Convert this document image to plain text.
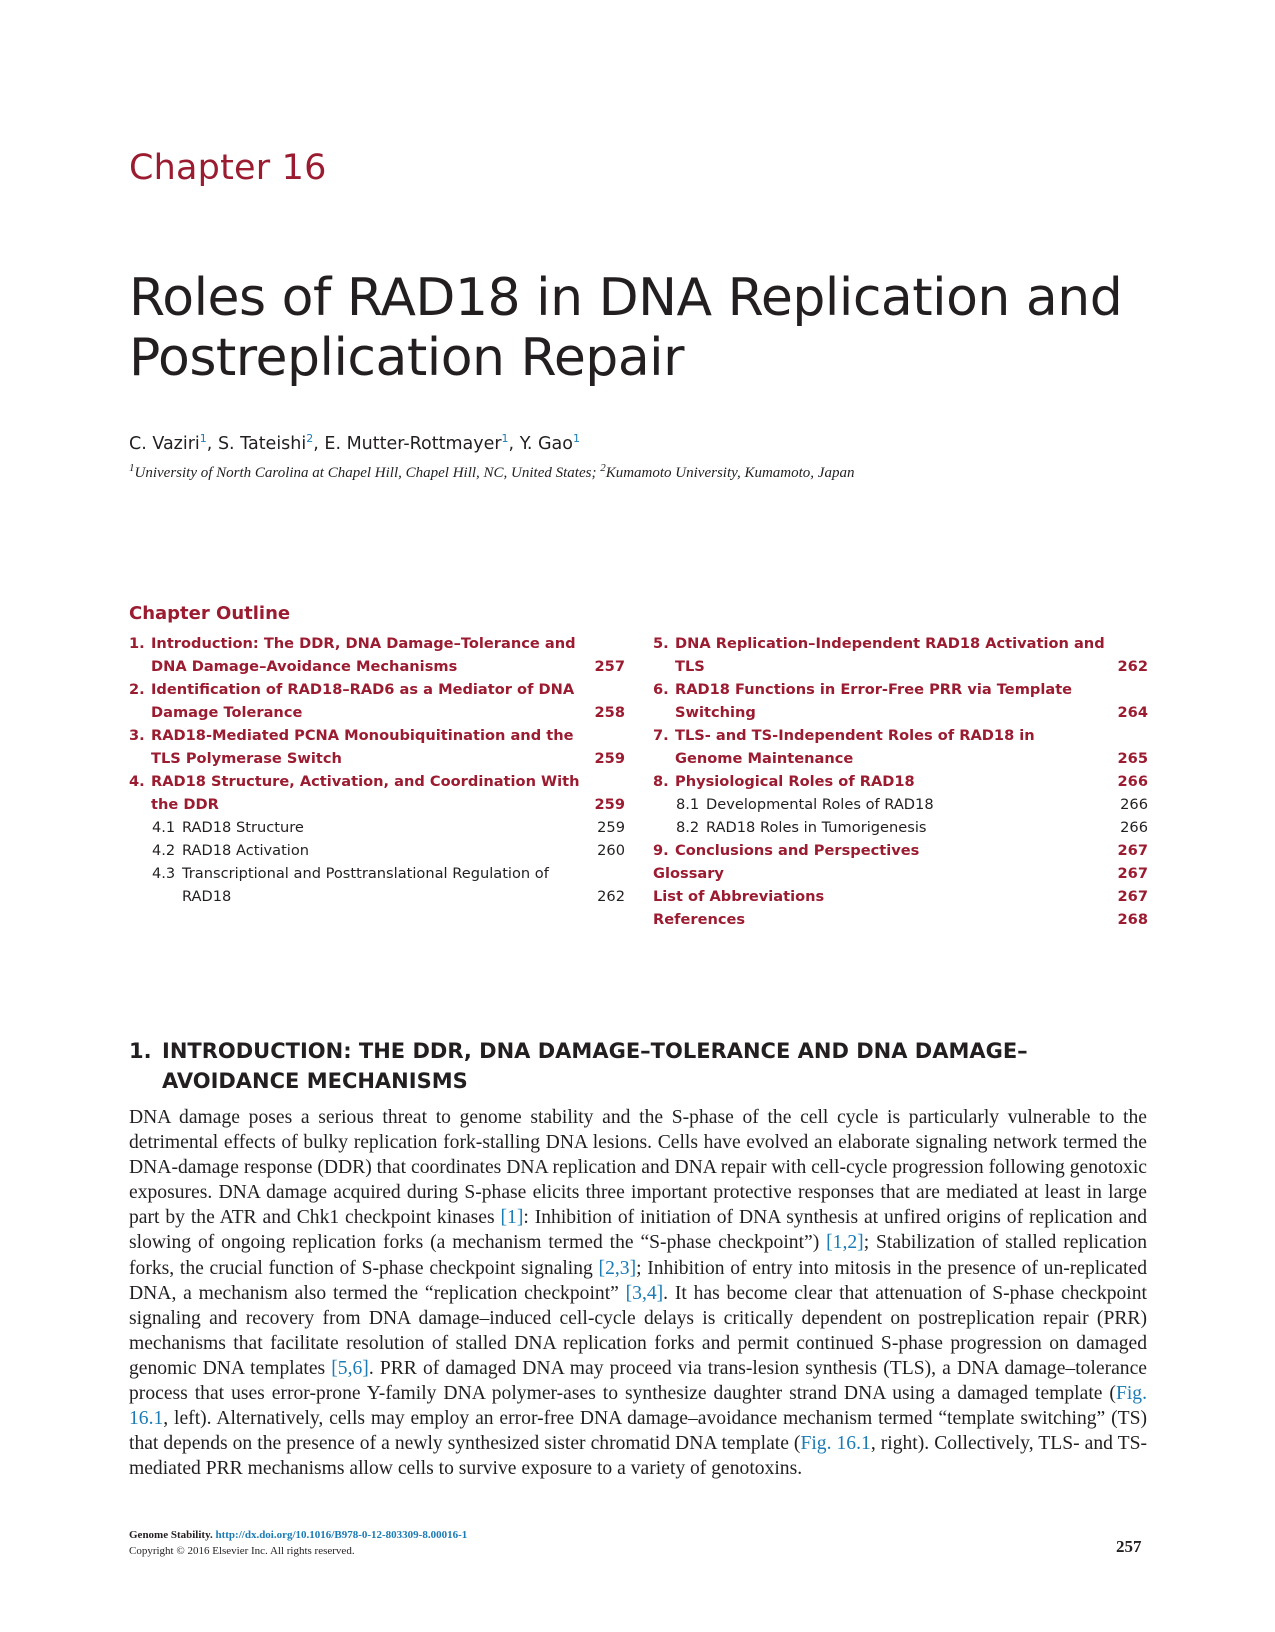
Chapter 16
Roles of RAD18 in DNA Replication and
Postreplication Repair
C. Vaziri$^1$, S. Tateishi$^2$, E. Mutter-Rottmayer$^1$, Y. Gao$^1$
$^1$University of North Carolina at Chapel Hill, Chapel Hill, NC, United States; $^2$Kumamoto University, Kumamoto, Japan
Chapter Outline
1. Introduction: The DDR, DNA Damage–Tolerance and DNA Damage–Avoidance Mechanisms	257
2. Identification of RAD18–RAD6 as a Mediator of DNA Damage Tolerance	258
3. RAD18-Mediated PCNA Monoubiquitination and the TLS Polymerase Switch	259
4. RAD18 Structure, Activation, and Coordination With the DDR	259
4.1 RAD18 Structure	259
4.2 RAD18 Activation	260
4.3 Transcriptional and Posttranslational Regulation of RAD18	262
5. DNA Replication–Independent RAD18 Activation and TLS	262
6. RAD18 Functions in Error-Free PRR via Template Switching	264
7. TLS- and TS-Independent Roles of RAD18 in Genome Maintenance	265
8. Physiological Roles of RAD18	266
8.1 Developmental Roles of RAD18	266
8.2 RAD18 Roles in Tumorigenesis	266
9. Conclusions and Perspectives	267
Glossary	267
List of Abbreviations	267
References	268
1. INTRODUCTION: THE DDR, DNA DAMAGE–TOLERANCE AND DNA DAMAGE–AVOIDANCE MECHANISMS

DNA damage poses a serious threat to genome stability and the S-phase of the cell cycle is particularly vulnerable to the detrimental effects of bulky replication fork-stalling DNA lesions. Cells have evolved an elaborate signaling network termed the DNA-damage response (DDR) that coordinates DNA replication and DNA repair with cell-cycle progression following genotoxic exposures. DNA damage acquired during S-phase elicits three important protective responses that are mediated at least in large part by the ATR and Chk1 checkpoint kinases [1]: Inhibition of initiation of DNA synthesis at unfired origins of replication and slowing of ongoing replication forks (a mechanism termed the “S-phase checkpoint”) [1,2]; Stabilization of stalled replication forks, the crucial function of S-phase checkpoint signaling [2,3]; Inhibition of entry into mitosis in the presence of un-replicated DNA, a mechanism also termed the “replication checkpoint” [3,4]. It has become clear that attenuation of S-phase checkpoint signaling and recovery from DNA damage–induced cell-cycle delays is critically dependent on postreplication repair (PRR) mechanisms that facilitate resolution of stalled DNA replication forks and permit continued S-phase progression on damaged genomic DNA templates [5,6]. PRR of damaged DNA may proceed via trans-lesion synthesis (TLS), a DNA damage–tolerance process that uses error-prone Y-family DNA polymer-ases to synthesize daughter strand DNA using a damaged template (Fig. 16.1, left). Alternatively, cells may employ an error-free DNA damage–avoidance mechanism termed “template switching” (TS) that depends on the presence of a newly synthesized sister chromatid DNA template (Fig. 16.1, right). Collectively, TLS- and TS-mediated PRR mechanisms allow cells to survive exposure to a variety of genotoxins.

Genome Stability. http://dx.doi.org/10.1016/B978-0-12-803309-8.00016-1
Copyright © 2016 Elsevier Inc. All rights reserved.	257
